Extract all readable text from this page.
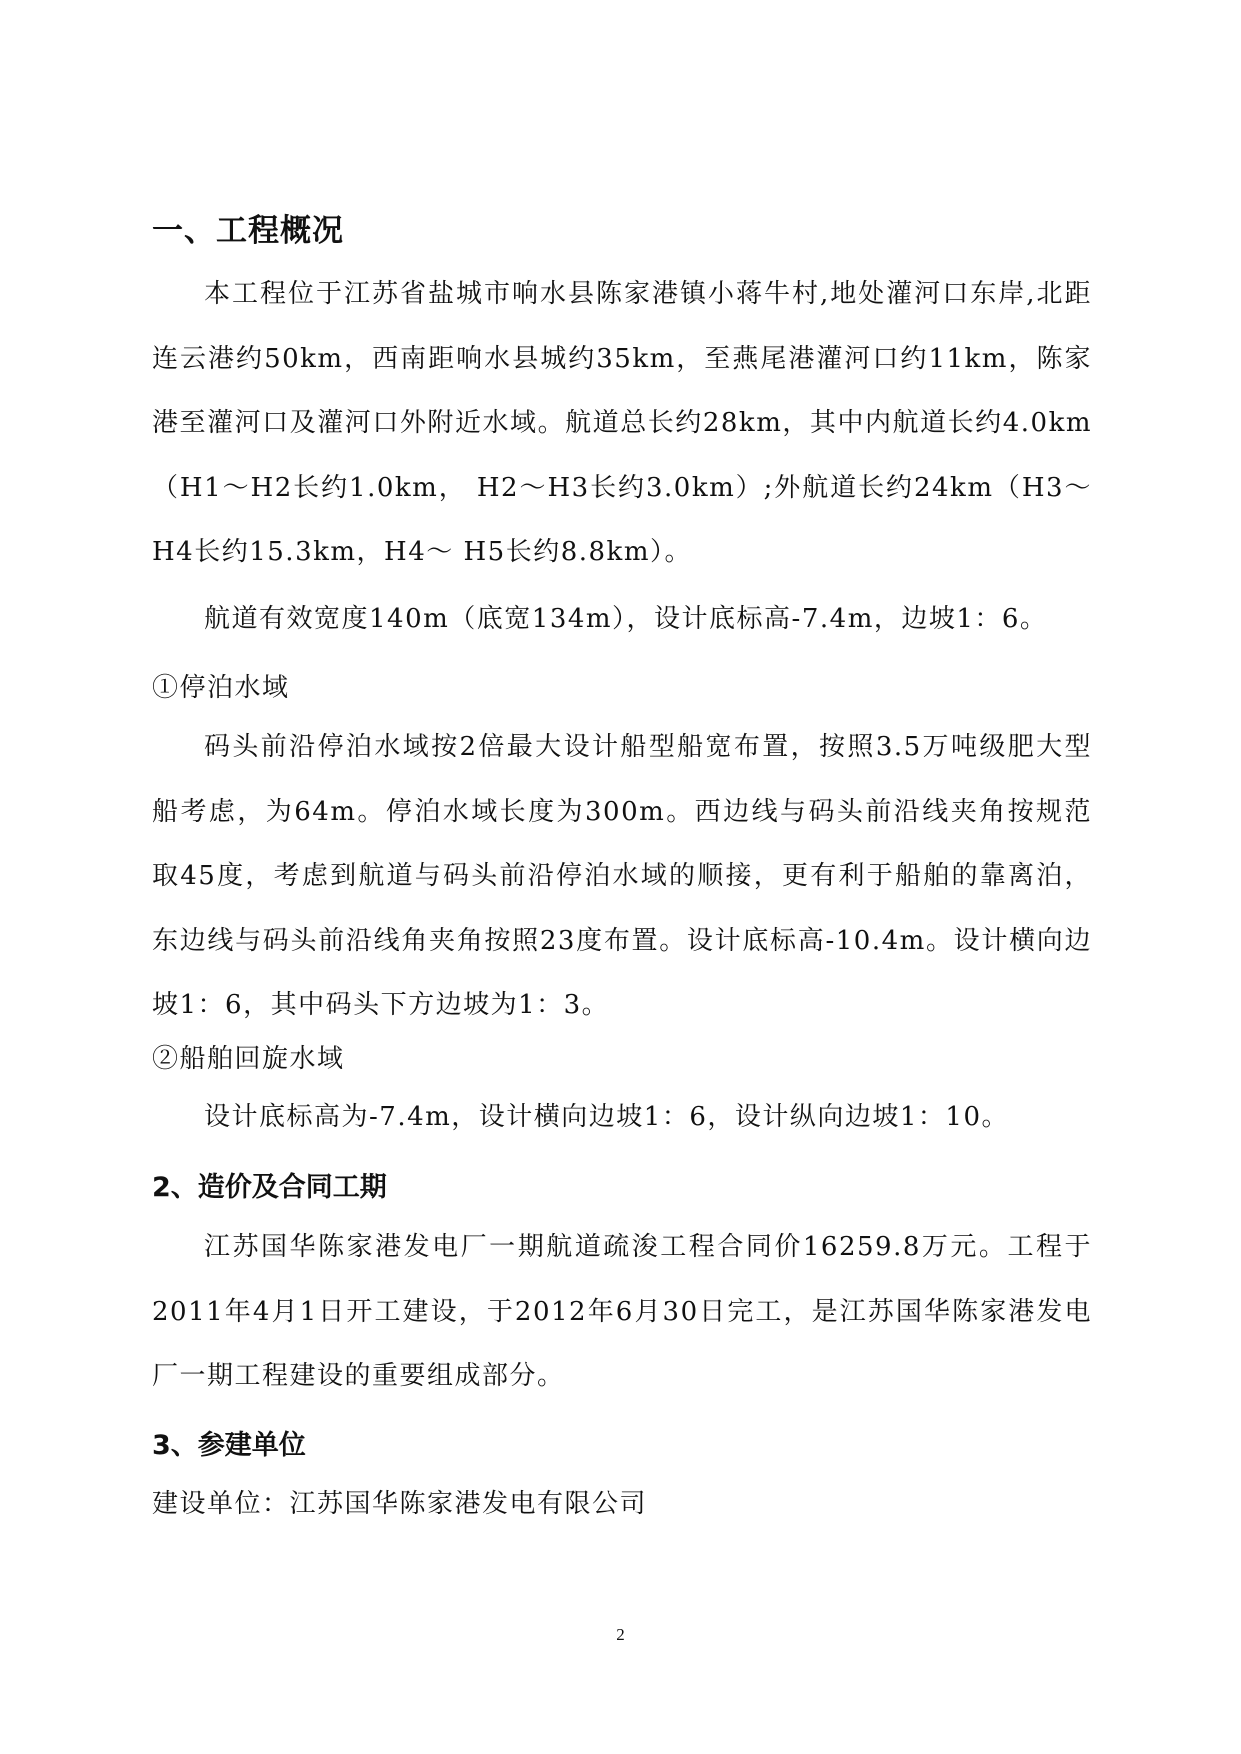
一、工程概况

本工程位于江苏省盐城市响水县陈家港镇小蒋牛村,地处灌河口东岸,北距连云港约50km，西南距响水县城约35km，至燕尾港灌河口约11km，陈家港至灌河口及灌河口外附近水域。航道总长约28km，其中内航道长约4.0km（H1～H2长约1.0km， H2～H3长约3.0km）;外航道长约24km（H3～H4长约15.3km，H4～ H5长约8.8km）。

航道有效宽度140m（底宽134m），设计底标高-7.4m，边坡1：6。

①停泊水域

码头前沿停泊水域按2倍最大设计船型船宽布置，按照3.5万吨级肥大型船考虑，为64m。停泊水域长度为300m。西边线与码头前沿线夹角按规范取45度，考虑到航道与码头前沿停泊水域的顺接，更有利于船舶的靠离泊，东边线与码头前沿线角夹角按照23度布置。设计底标高-10.4m。设计横向边坡1：6，其中码头下方边坡为1：3。

②船舶回旋水域

设计底标高为-7.4m，设计横向边坡1：6，设计纵向边坡1：10。

2、造价及合同工期

江苏国华陈家港发电厂一期航道疏浚工程合同价16259.8万元。工程于　2011年4月1日开工建设，于2012年6月30日完工，是江苏国华陈家港发电厂一期工程建设的重要组成部分。

3、参建单位
建设单位：江苏国华陈家港发电有限公司
2
